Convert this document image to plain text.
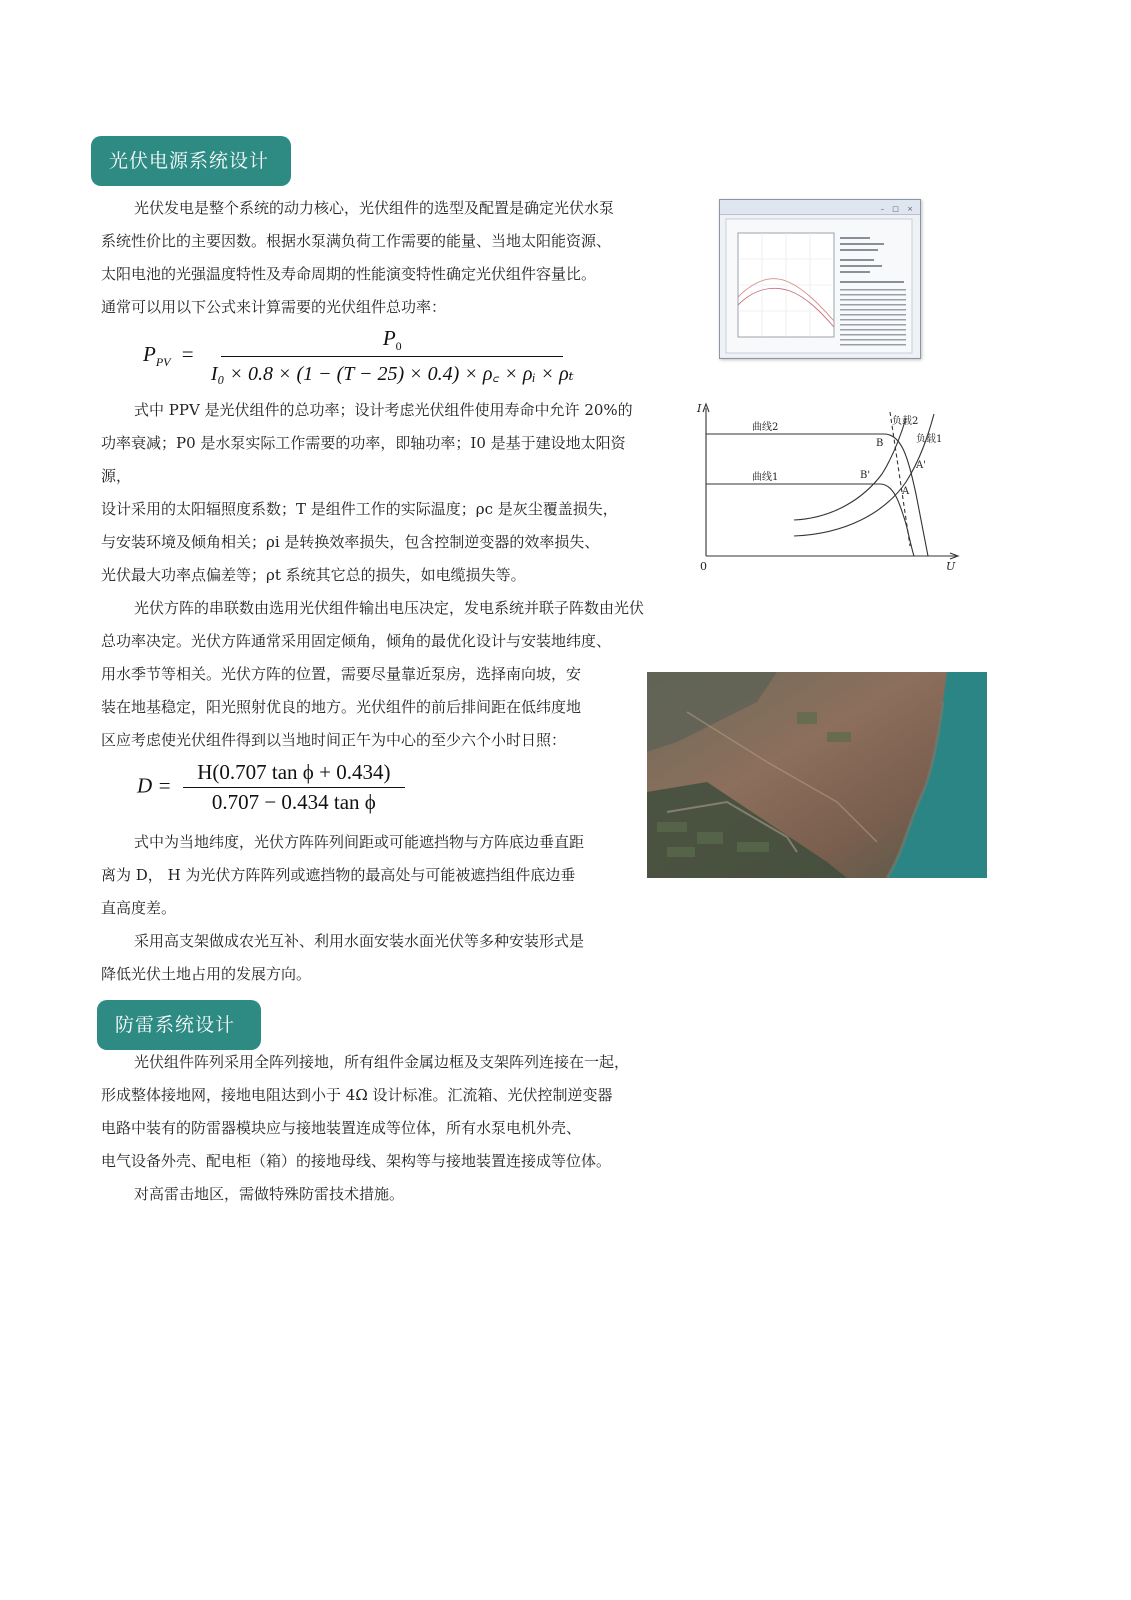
光伏电源系统设计
光伏发电是整个系统的动力核心，光伏组件的选型及配置是确定光伏水泵
系统性价比的主要因数。根据水泵满负荷工作需要的能量、当地太阳能资源、
太阳电池的光强温度特性及寿命周期的性能演变特性确定光伏组件容量比。
通常可以用以下公式来计算需要的光伏组件总功率：
$P_{PV} = \frac{P_0}{\text{I₀ × 0.8 × (1 − (T − 25) × 0.4) × ρ꜀ × ρᵢ × ρₜ}}$
式中 PPV 是光伏组件的总功率；设计考虑光伏组件使用寿命中允许 20%的
功率衰减；P0 是水泵实际工作需要的功率，即轴功率；I0 是基于建设地太阳资
源，
设计采用的太阳辐照度系数；T 是组件工作的实际温度；ρc 是灰尘覆盖损失，
与安装环境及倾角相关；ρi 是转换效率损失，包含控制逆变器的效率损失、
光伏最大功率点偏差等；ρt 系统其它总的损失，如电缆损失等。
光伏方阵的串联数由选用光伏组件输出电压决定，发电系统并联子阵数由光伏
总功率决定。光伏方阵通常采用固定倾角，倾角的最优化设计与安装地纬度、
用水季节等相关。光伏方阵的位置，需要尽量靠近泵房，选择南向坡，安
装在地基稳定，阳光照射优良的地方。光伏组件的前后排间距在低纬度地
区应考虑使光伏组件得到以当地时间正午为中心的至少六个小时日照：
$D = \frac{\text{H(0.707 tan ϕ + 0.434)}}{\text{0.707 − 0.434 tan ϕ}}$
式中为当地纬度，光伏方阵阵列间距或可能遮挡物与方阵底边垂直距
离为 D， H 为光伏方阵阵列或遮挡物的最高处与可能被遮挡组件底边垂
直高度差。
采用高支架做成农光互补、利用水面安装水面光伏等多种安装形式是
降低光伏土地占用的发展方向。
– □ ×
I
0	U
曲线2
曲线1
负载2
负载1
B
B'
A'
A
防雷系统设计
光伏组件阵列采用全阵列接地，所有组件金属边框及支架阵列连接在一起，
形成整体接地网，接地电阻达到小于 4Ω 设计标准。汇流箱、光伏控制逆变器
电路中装有的防雷器模块应与接地装置连成等位体，所有水泵电机外壳、
电气设备外壳、配电柜（箱）的接地母线、架构等与接地装置连接成等位体。
对高雷击地区，需做特殊防雷技术措施。
